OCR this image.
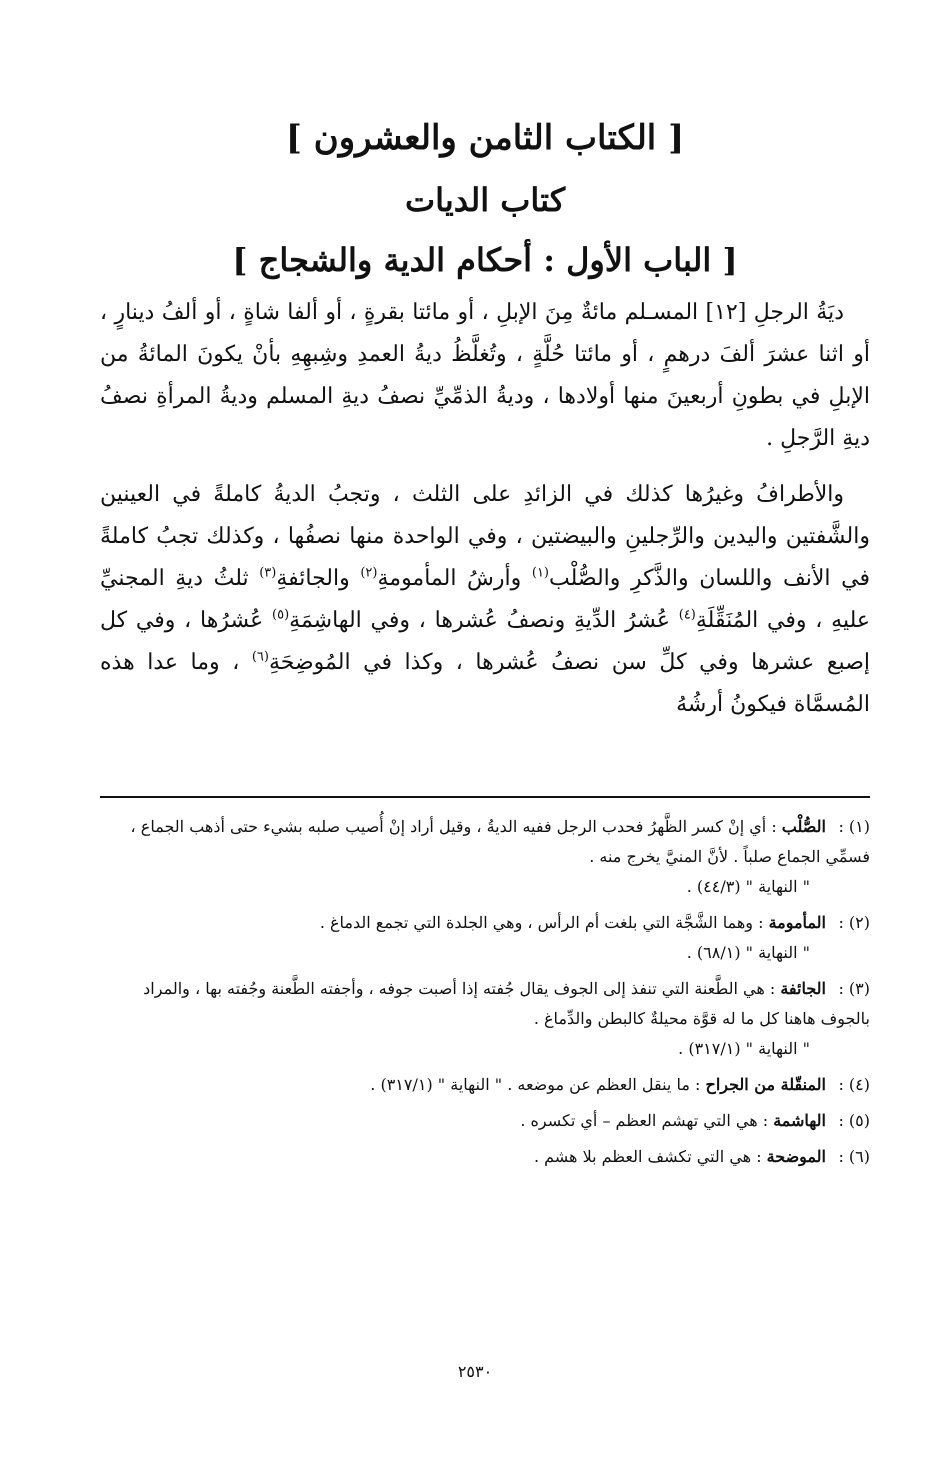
[ الكتاب الثامن والعشرون ]
كتاب الديات
[ الباب الأول : أحكام الدية والشجاج ]

ديَةُ الرجلِ [١٢] المسـلم مائةٌ مِنَ الإبلِ ، أو مائتا بقرةٍ ، أو ألفا شاةٍ ، أو ألفُ دينارٍ ، أو اثنا عشرَ ألفَ درهمٍ ، أو مائتا حُلَّةٍ ، وتُغلَّظُ ديةُ العمدِ وشِبهِهِ بأنْ يكونَ المائةُ من الإبلِ في بطونِ أربعينَ منها أولادها ، وديةُ الذمِّيِّ نصفُ ديةِ المسلم وديةُ المرأةِ نصفُ ديةِ الرَّجلِ .

والأطرافُ وغيرُها كذلك في الزائدِ على الثلث ، وتجبُ الديةُ كاملةً في العينين والشَّفتين واليدين والرِّجلينِ والبيضتين ، وفي الواحدة منها نصفُها ، وكذلك تجبُ كاملةً في الأنف واللسان والذَّكرِ والصُّلْب$^{(١)}$ وأرشُ المأمومةِ$^{(٢)}$ والجائفةِ$^{(٣)}$ ثلثُ ديةِ المجنيِّ عليهِ ، وفي المُنَقِّلَةِ$^{(٤)}$ عُشرُ الدِّيةِ ونصفُ عُشرها ، وفي الهاشِمَةِ$^{(٥)}$ عُشرُها ، وفي كل إصبع عشرها وفي كلِّ سن نصفُ عُشرها ، وكذا في المُوضِحَةِ$^{(٦)}$ ، وما عدا هذه المُسمَّاة فيكونُ أرشُهُ

(١) :الصُّلْب : أي إنْ كسر الظَّهرُ فحدب الرجل ففيه الديةُ ، وقيل أراد إنْ أُصيب صلبه بشيء حتى أذهب الجماع ، فسمِّي الجماع صلباً . لأنَّ المنيَّ يخرج منه .
" النهاية " (٤٤/٣) .
(٢) :المأمومة : وهما الشَّجَّة التي بلغت أم الرأس ، وهي الجلدة التي تجمع الدماغ .
" النهاية " (٦٨/١) .
(٣) :الجائفة : هي الطَّعنة التي تنفذ إلى الجوف يقال جُفته إذا أصبت جوفه ، وأجفته الطَّعنة وجُفته بها ، والمراد بالجوف هاهنا كل ما له قوَّة محيلةٌ كالبطن والدِّماغ .
" النهاية " (٣١٧/١) .
(٤) :المنقّلة من الجراح : ما ينقل العظم عن موضعه . " النهاية " (٣١٧/١) .
(٥) :الهاشمة : هي التي تهشم العظم – أي تكسره .
(٦) :الموضحة : هي التي تكشف العظم بلا هشم .
٢٥٣٠
